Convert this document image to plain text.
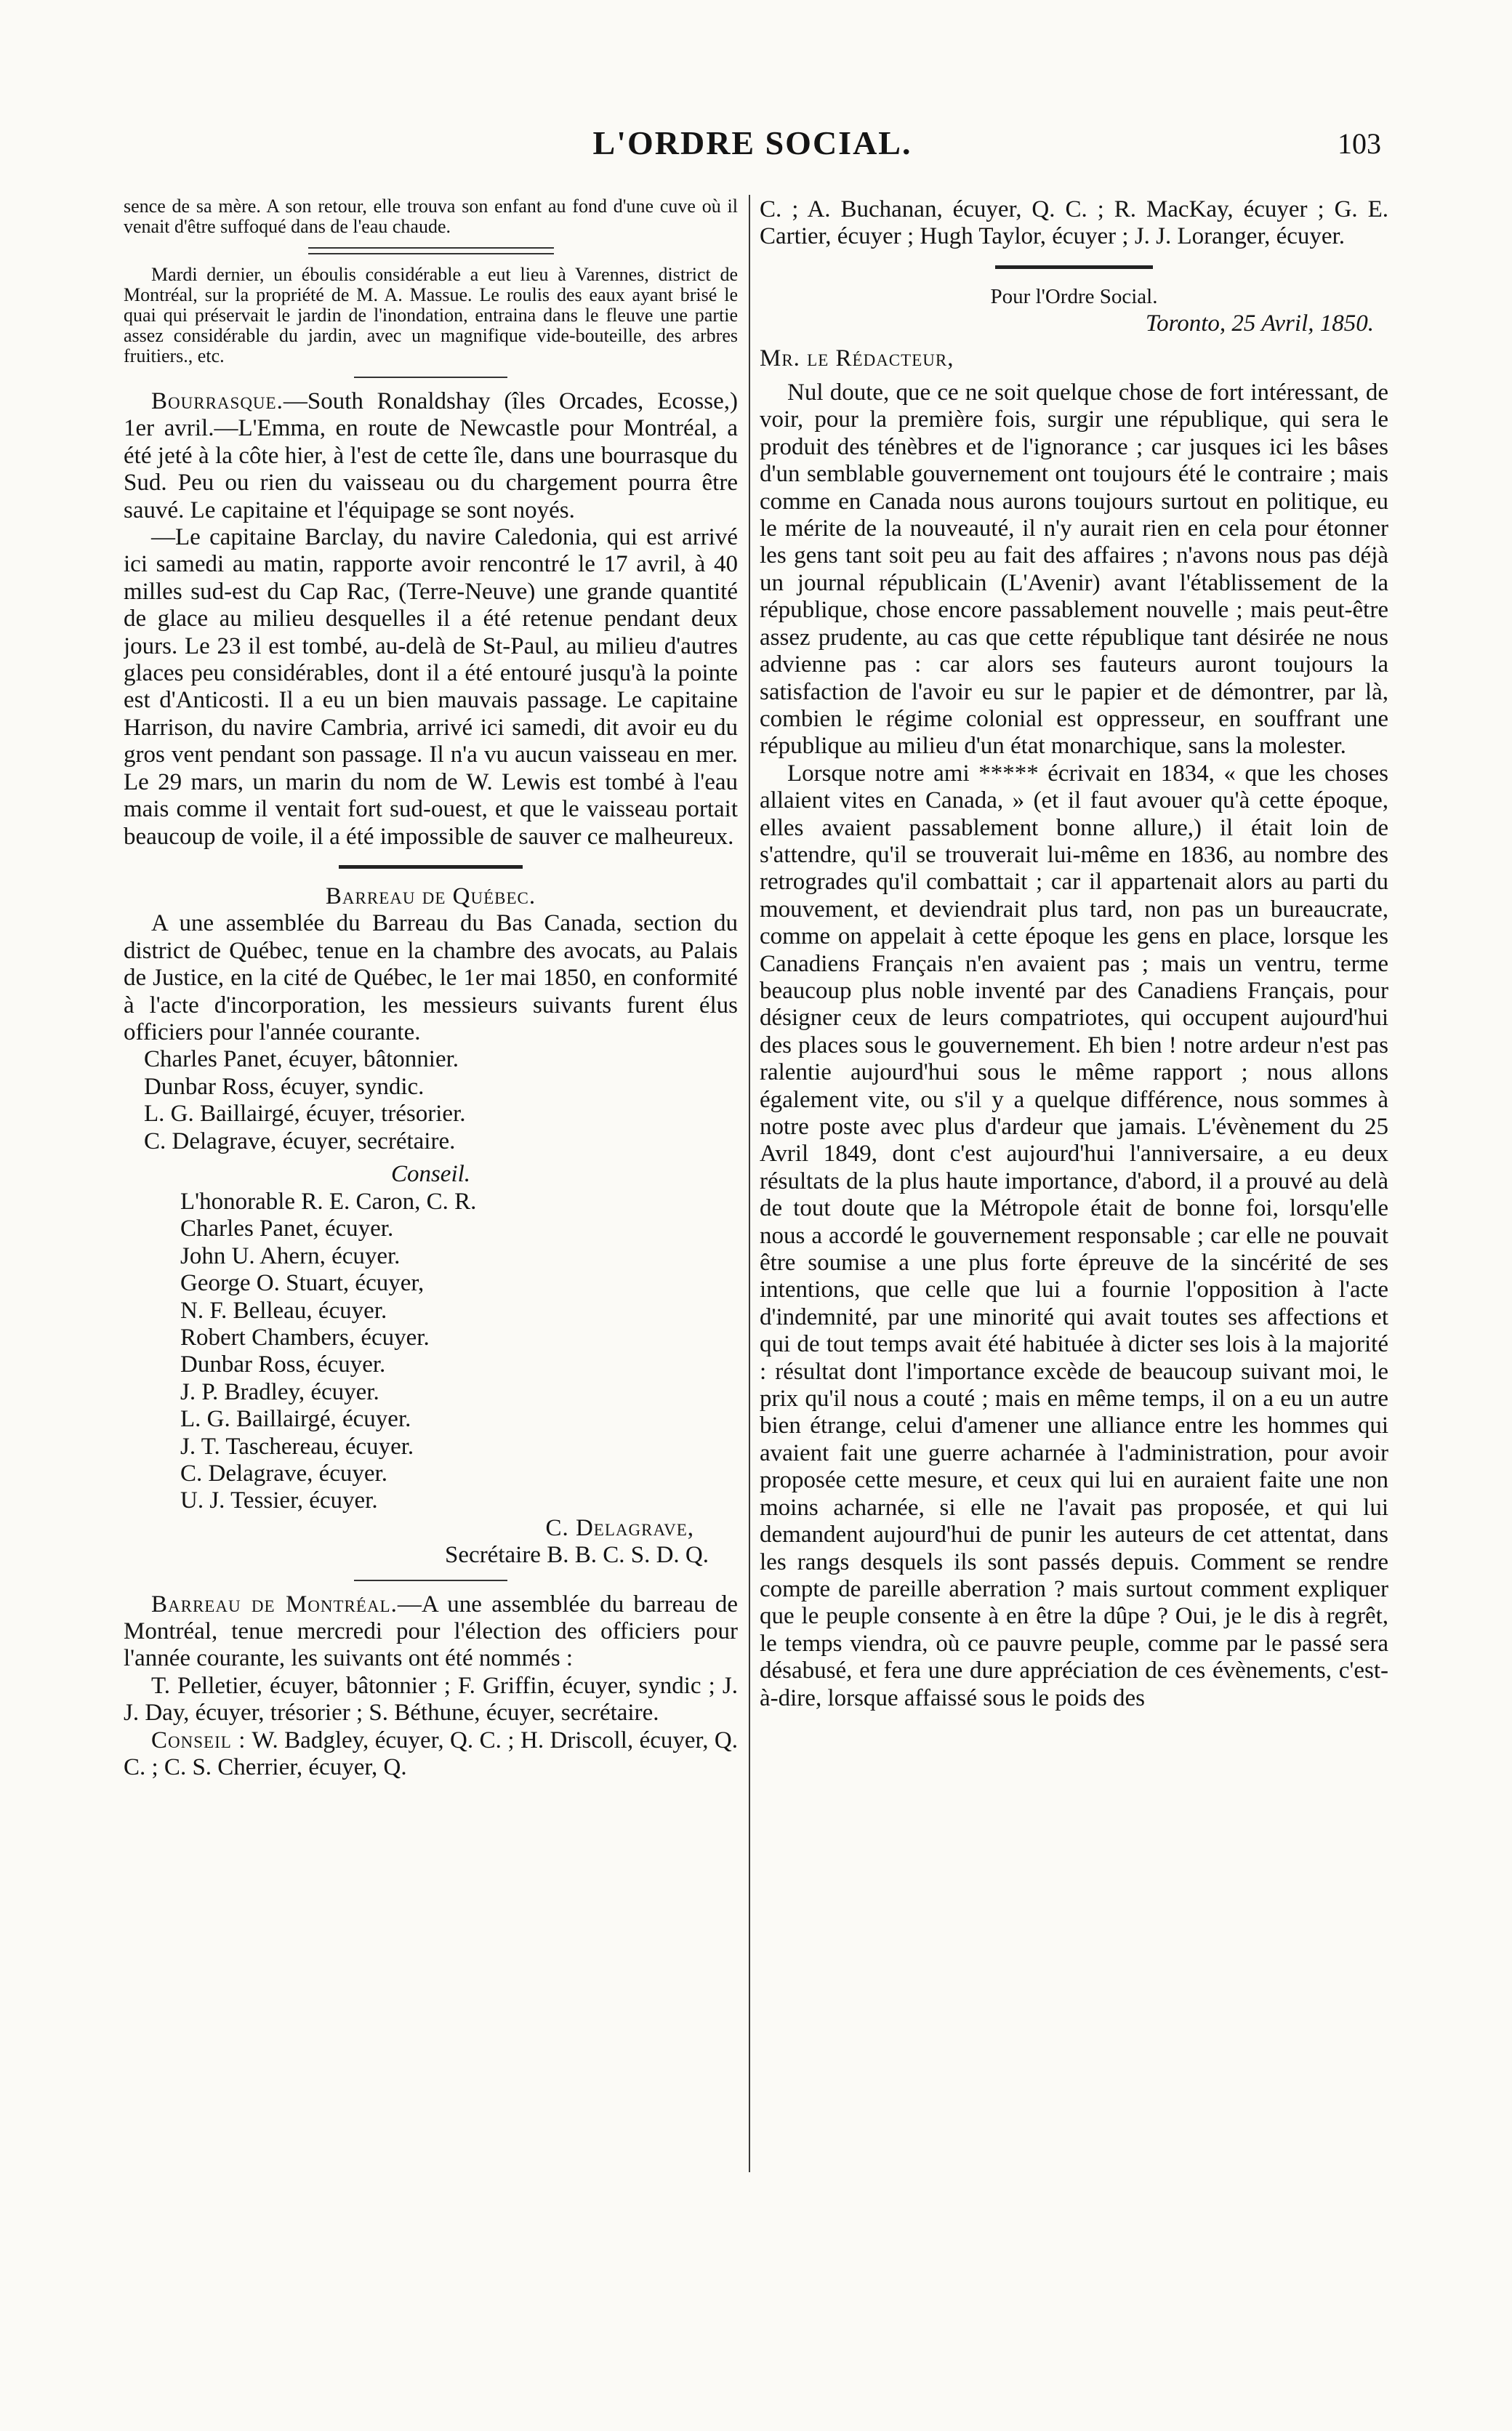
L'ORDRE SOCIAL.	103

sence de sa mère. A son retour, elle trouva son enfant au fond d'une cuve où il venait d'être suffoqué dans de l'eau chaude.

Mardi dernier, un éboulis considérable a eut lieu à Varennes, district de Montréal, sur la propriété de M. A. Massue. Le roulis des eaux ayant brisé le quai qui préservait le jardin de l'inondation, entraina dans le fleuve une partie assez considérable du jardin, avec un magnifique vide-bouteille, des arbres fruitiers., etc.

Bourrasque.—South Ronaldshay (îles Orcades, Ecosse,) 1er avril.—L'Emma, en route de Newcastle pour Montréal, a été jeté à la côte hier, à l'est de cette île, dans une bourrasque du Sud. Peu ou rien du vaisseau ou du chargement pourra être sauvé. Le capitaine et l'équipage se sont noyés.

—Le capitaine Barclay, du navire Caledonia, qui est arrivé ici samedi au matin, rapporte avoir rencontré le 17 avril, à 40 milles sud-est du Cap Rac, (Terre-Neuve) une grande quantité de glace au milieu desquelles il a été retenue pendant deux jours. Le 23 il est tombé, au-delà de St-Paul, au milieu d'autres glaces peu considérables, dont il a été entouré jusqu'à la pointe est d'Anticosti. Il a eu un bien mauvais passage. Le capitaine Harrison, du navire Cambria, arrivé ici samedi, dit avoir eu du gros vent pendant son passage. Il n'a vu aucun vaisseau en mer. Le 29 mars, un marin du nom de W. Lewis est tombé à l'eau mais comme il ventait fort sud-ouest, et que le vaisseau portait beaucoup de voile, il a été impossible de sauver ce malheureux.

Barreau de Québec.

A une assemblée du Barreau du Bas Canada, section du district de Québec, tenue en la chambre des avocats, au Palais de Justice, en la cité de Québec, le 1er mai 1850, en conformité à l'acte d'incorporation, les messieurs suivants furent élus officiers pour l'année courante.

Charles Panet, écuyer, bâtonnier.

Dunbar Ross, écuyer, syndic.

L. G. Baillairgé, écuyer, trésorier.

C. Delagrave, écuyer, secrétaire.

Conseil.

L'honorable R. E. Caron, C. R.

Charles Panet, écuyer.

John U. Ahern, écuyer.

George O. Stuart, écuyer,

N. F. Belleau, écuyer.

Robert Chambers, écuyer.

Dunbar Ross, écuyer.

J. P. Bradley, écuyer.

L. G. Baillairgé, écuyer.

J. T. Taschereau, écuyer.

C. Delagrave, écuyer.

U. J. Tessier, écuyer.

C. Delagrave,

Secrétaire B. B. C. S. D. Q.

Barreau de Montréal.—A une assemblée du barreau de Montréal, tenue mercredi pour l'élection des officiers pour l'année courante, les suivants ont été nommés :

T. Pelletier, écuyer, bâtonnier ; F. Griffin, écuyer, syndic ; J. J. Day, écuyer, trésorier ; S. Béthune, écuyer, secrétaire.

Conseil : W. Badgley, écuyer, Q. C. ; H. Driscoll, écuyer, Q. C. ; C. S. Cherrier, écuyer, Q.

C. ; A. Buchanan, écuyer, Q. C. ; R. MacKay, écuyer ; G. E. Cartier, écuyer ; Hugh Taylor, écuyer ; J. J. Loranger, écuyer.

Pour l'Ordre Social.

Toronto, 25 Avril, 1850.

Mr. le Rédacteur,

Nul doute, que ce ne soit quelque chose de fort intéressant, de voir, pour la première fois, surgir une république, qui sera le produit des ténèbres et de l'ignorance ; car jusques ici les bâses d'un semblable gouvernement ont toujours été le contraire ; mais comme en Canada nous aurons toujours surtout en politique, eu le mérite de la nouveauté, il n'y aurait rien en cela pour étonner les gens tant soit peu au fait des affaires ; n'avons nous pas déjà un journal républicain (L'Avenir) avant l'établissement de la république, chose encore passablement nouvelle ; mais peut-être assez prudente, au cas que cette république tant désirée ne nous advienne pas : car alors ses fauteurs auront toujours la satisfaction de l'avoir eu sur le papier et de démontrer, par là, combien le régime colonial est oppresseur, en souffrant une république au milieu d'un état monarchique, sans la molester.

Lorsque notre ami ***** écrivait en 1834, « que les choses allaient vites en Canada, » (et il faut avouer qu'à cette époque, elles avaient passablement bonne allure,) il était loin de s'attendre, qu'il se trouverait lui-même en 1836, au nombre des retrogrades qu'il combattait ; car il appartenait alors au parti du mouvement, et deviendrait plus tard, non pas un bureaucrate, comme on appelait à cette époque les gens en place, lorsque les Canadiens Français n'en avaient pas ; mais un ventru, terme beaucoup plus noble inventé par des Canadiens Français, pour désigner ceux de leurs compatriotes, qui occupent aujourd'hui des places sous le gouvernement. Eh bien ! notre ardeur n'est pas ralentie aujourd'hui sous le même rapport ; nous allons également vite, ou s'il y a quelque différence, nous sommes à notre poste avec plus d'ardeur que jamais. L'évènement du 25 Avril 1849, dont c'est aujourd'hui l'anniversaire, a eu deux résultats de la plus haute importance, d'abord, il a prouvé au delà de tout doute que la Métropole était de bonne foi, lorsqu'elle nous a accordé le gouvernement responsable ; car elle ne pouvait être soumise a une plus forte épreuve de la sincérité de ses intentions, que celle que lui a fournie l'opposition à l'acte d'indemnité, par une minorité qui avait toutes ses affections et qui de tout temps avait été habituée à dicter ses lois à la majorité : résultat dont l'importance excède de beaucoup suivant moi, le prix qu'il nous a couté ; mais en même temps, il on a eu un autre bien étrange, celui d'amener une alliance entre les hommes qui avaient fait une guerre acharnée à l'administration, pour avoir proposée cette mesure, et ceux qui lui en auraient faite une non moins acharnée, si elle ne l'avait pas proposée, et qui lui demandent aujourd'hui de punir les auteurs de cet attentat, dans les rangs desquels ils sont passés depuis. Comment se rendre compte de pareille aberration ? mais surtout comment expliquer que le peuple consente à en être la dûpe ? Oui, je le dis à regrêt, le temps viendra, où ce pauvre peuple, comme par le passé sera désabusé, et fera une dure appréciation de ces évènements, c'est-à-dire, lorsque affaissé sous le poids des
